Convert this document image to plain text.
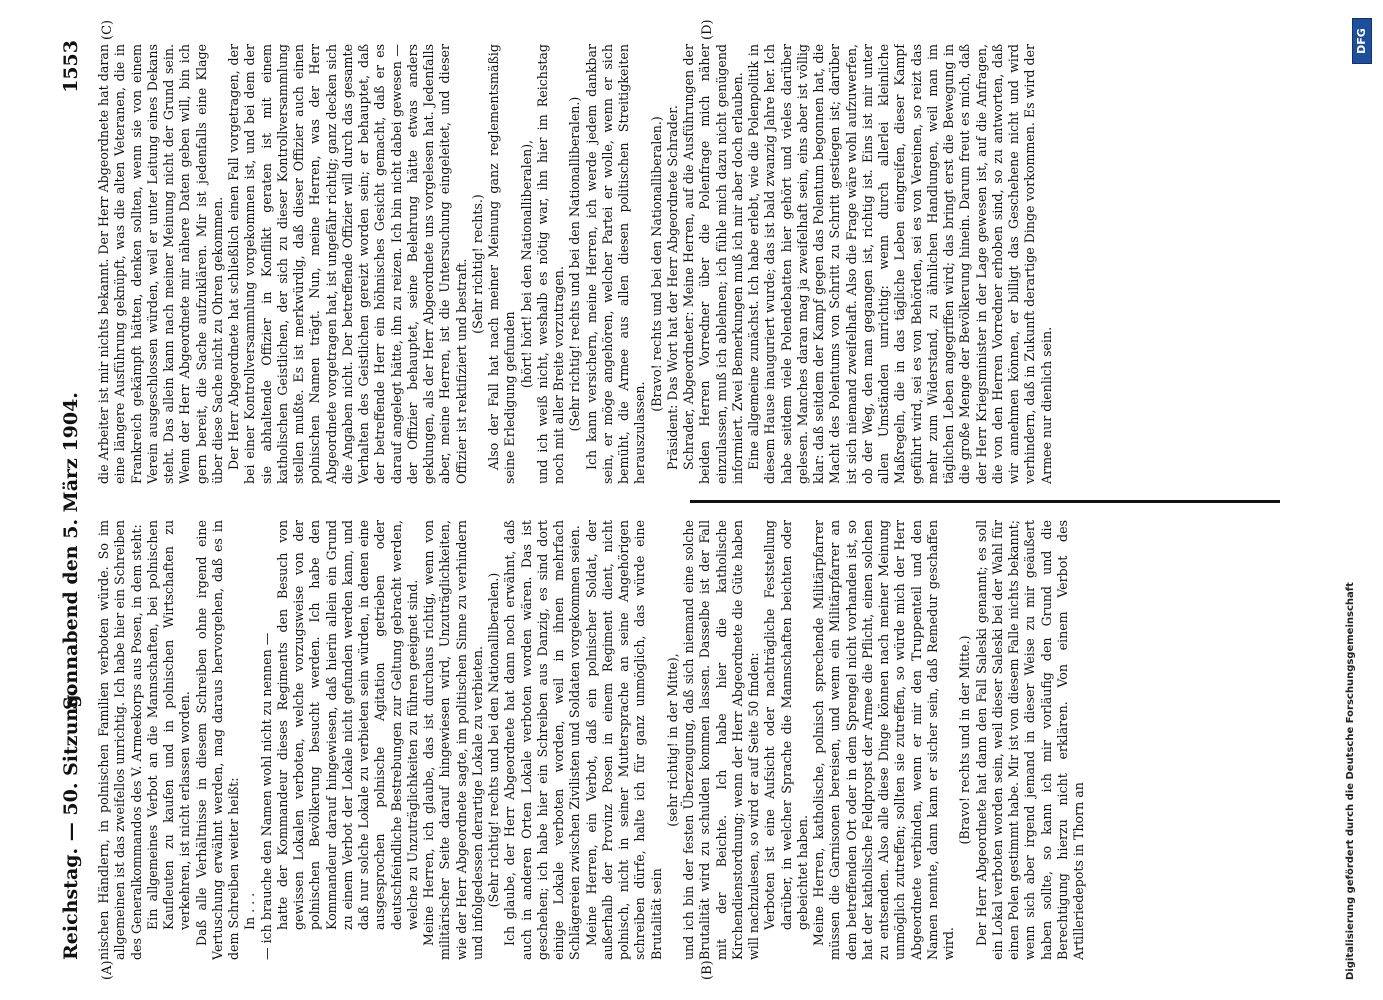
Reichstag. — 50. Sitzung.
Sonnabend den 5. März 1904.
1553
(A)	(B)
(C)	(D)

nischen Händlern, in polnischen Familien verboten würde. So im allgemeinen ist das zweifellos unrichtig. Ich habe hier ein Schreiben des Generalkommandos des V. Armeekorps aus Posen, in dem steht: Ein allgemeines Verbot an die Mannschaften, bei polnischen Kaufleuten zu kaufen und in polnischen Wirtschaften zu verkehren, ist nicht erlassen worden. Daß alle Verhältnisse in diesem Schreiben ohne irgend eine Vertuschung erwähnt werden, mag daraus hervorgehen, daß es in dem Schreiben weiter heißt: In . . . — ich brauche den Namen wohl nicht zu nennen — hatte der Kommandeur dieses Regiments den Besuch von gewissen Lokalen verboten, welche vorzugsweise von der polnischen Bevölkerung besucht werden. Ich habe den Kommandeur darauf hingewiesen, daß hierin allein ein Grund zu einem Verbot der Lokale nicht gefunden werden kann, und daß nur solche Lokale zu verbieten sein würden, in denen eine ausgesprochen polnische Agitation getrieben oder deutschfeindliche Bestrebungen zur Geltung gebracht werden, welche zu Unzuträglichkeiten zu führen geeignet sind. Meine Herren, ich glaube, das ist durchaus richtig, wenn von militärischer Seite darauf hingewiesen wird, Unzuträglichkeiten, wie der Herr Abgeordnete sagte, im politischen Sinne zu verhindern und infolgedessen derartige Lokale zu verbieten. (Sehr richtig! rechts und bei den Nationalliberalen.) Ich glaube, der Herr Abgeordnete hat dann noch erwähnt, daß auch in anderen Orten Lokale verboten worden wären. Das ist geschehen; ich habe hier ein Schreiben aus Danzig, es sind dort einige Lokale verboten worden, weil in ihnen mehrfach Schlägereien zwischen Zivilisten und Soldaten vorgekommen seien. Meine Herren, ein Verbot, daß ein polnischer Soldat, der außerhalb der Provinz Posen in einem Regiment dient, nicht polnisch, nicht in seiner Muttersprache an seine Angehörigen schreiben dürfe, halte ich für ganz unmöglich, das würde eine Brutalität sein

(sehr richtig! in der Mitte), und ich bin der festen Überzeugung, daß sich niemand eine solche Brutalität wird zu schulden kommen lassen. Dasselbe ist der Fall mit der Beichte. Ich habe hier die katholische Kirchendienstordnung; wenn der Herr Abgeordnete die Güte haben will nachzulesen, so wird er auf Seite 50 finden: Verboten ist eine Aufsicht oder nachträgliche Feststellung darüber, in welcher Sprache die Mannschaften beichten oder gebeichtet haben. Meine Herren, katholische, polnisch sprechende Militärpfarrer müssen die Garnisonen bereisen, und wenn ein Militärpfarrer an dem betreffenden Ort oder in dem Sprengel nicht vorhanden ist, so hat der katholische Feldpropst der Armee die Pflicht, einen solchen zu entsenden. Also alle diese Dinge können nach meiner Meinung unmöglich zutreffen; sollten sie zutreffen, so würde mich der Herr Abgeordnete verbinden, wenn er mir den Truppenteil und den Namen nennte, dann kann er sicher sein, daß Remedur geschaffen wird.

(Bravo! rechts und in der Mitte.) Der Herr Abgeordnete hat dann den Fall Saleski genannt; es soll ein Lokal verboten worden sein, weil dieser Saleski bei der Wahl für einen Polen gestimmt habe. Mir ist von diesem Falle nichts bekannt; wenn sich aber irgend jemand in dieser Weise zu mir geäußert haben sollte, so kann ich mir vorläufig den Grund und die Berechtigung hierzu nicht erklären. Von einem Verbot des Artilleriedepots in Thorn an

die Arbeiter ist mir nichts bekannt. Der Herr Abgeordnete hat daran eine längere Ausführung geknüpft, was die alten Veteranen, die in Frankreich gekämpft hätten, denken sollten, wenn sie von einem Verein ausgeschlossen würden, weil er unter Leitung eines Dekans steht. Das allein kann nach meiner Meinung nicht der Grund sein. Wenn der Herr Abgeordnete mir nähere Daten geben will, bin ich gern bereit, die Sache aufzuklären. Mir ist jedenfalls eine Klage über diese Sache nicht zu Ohren gekommen. Der Herr Abgeordnete hat schließlich einen Fall vorgetragen, der bei einer Kontrollversammlung vorgekommen ist, und bei dem der sie abhaltende Offizier in Konflikt geraten ist mit einem katholischen Geistlichen, der sich zu dieser Kontrollversammlung stellen mußte. Es ist merkwürdig, daß dieser Offizier auch einen polnischen Namen trägt. Nun, meine Herren, was der Herr Abgeordnete vorgetragen hat, ist ungefähr richtig; ganz decken sich die Angaben nicht. Der betreffende Offizier will durch das gesamte Verhalten des Geistlichen gereizt worden sein; er behauptet, daß der betreffende Herr ein höhnisches Gesicht gemacht, daß er es darauf angelegt hätte, ihn zu reizen. Ich bin nicht dabei gewesen — der Offizier behauptet, seine Belehrung hätte etwas anders geklungen, als der Herr Abgeordnete uns vorgelesen hat. Jedenfalls aber, meine Herren, ist die Untersuchung eingeleitet, und dieser Offizier ist rektifiziert und bestraft. (Sehr richtig! rechts.) Also der Fall hat nach meiner Meinung ganz reglementsmäßig seine Erledigung gefunden

(hört! hört! bei den Nationalliberalen), und ich weiß nicht, weshalb es nötig war, ihn hier im Reichstag noch mit aller Breite vorzutragen. (Sehr richtig! rechts und bei den Nationalliberalen.) Ich kann versichern, meine Herren, ich werde jedem dankbar sein, er möge angehören, welcher Partei er wolle, wenn er sich bemüht, die Armee aus allen diesen politischen Streitigkeiten herauszulassen.

(Bravo! rechts und bei den Nationalliberalen.) Präsident: Das Wort hat der Herr Abgeordnete Schrader. Schrader, Abgeordneter: Meine Herren, auf die Ausführungen der beiden Herren Vorredner über die Polenfrage mich näher einzulassen, muß ich ablehnen; ich fühle mich dazu nicht genügend informiert. Zwei Bemerkungen muß ich mir aber doch erlauben. Eine allgemeine zunächst. Ich habe erlebt, wie die Polenpolitik in diesem Hause inauguriert wurde; das ist bald zwanzig Jahre her. Ich habe seitdem viele Polendebatten hier gehört und vieles darüber gelesen. Manches daran mag ja zweifelhaft sein, eins aber ist völlig klar: daß seitdem der Kampf gegen das Polentum begonnen hat, die Macht des Polentums von Schritt zu Schritt gestiegen ist; darüber ist sich niemand zweifelhaft. Also die Frage wäre wohl aufzuwerfen, ob der Weg, den man gegangen ist, richtig ist. Eins ist mir unter allen Umständen unrichtig: wenn durch allerlei kleinliche Maßregeln, die in das tägliche Leben eingreifen, dieser Kampf geführt wird, sei es von Behörden, sei es von Vereinen, so reizt das mehr zum Widerstand, zu ähnlichen Handlungen, weil man im täglichen Leben angegriffen wird; das bringt erst die Bewegung in die große Menge der Bevölkerung hinein. Darum freut es mich, daß der Herr Kriegsminister in der Lage gewesen ist, auf die Anfragen, die von den Herren Vorredner erhoben sind, so zu antworten, daß wir annehmen können, er billigt das Geschehene nicht und wird verhindern, daß in Zukunft derartige Dinge vorkommen. Es wird der Armee nur dienlich sein.

Digitalisierung gefördert durch die Deutsche Forschungsgemeinschaft
DFG
